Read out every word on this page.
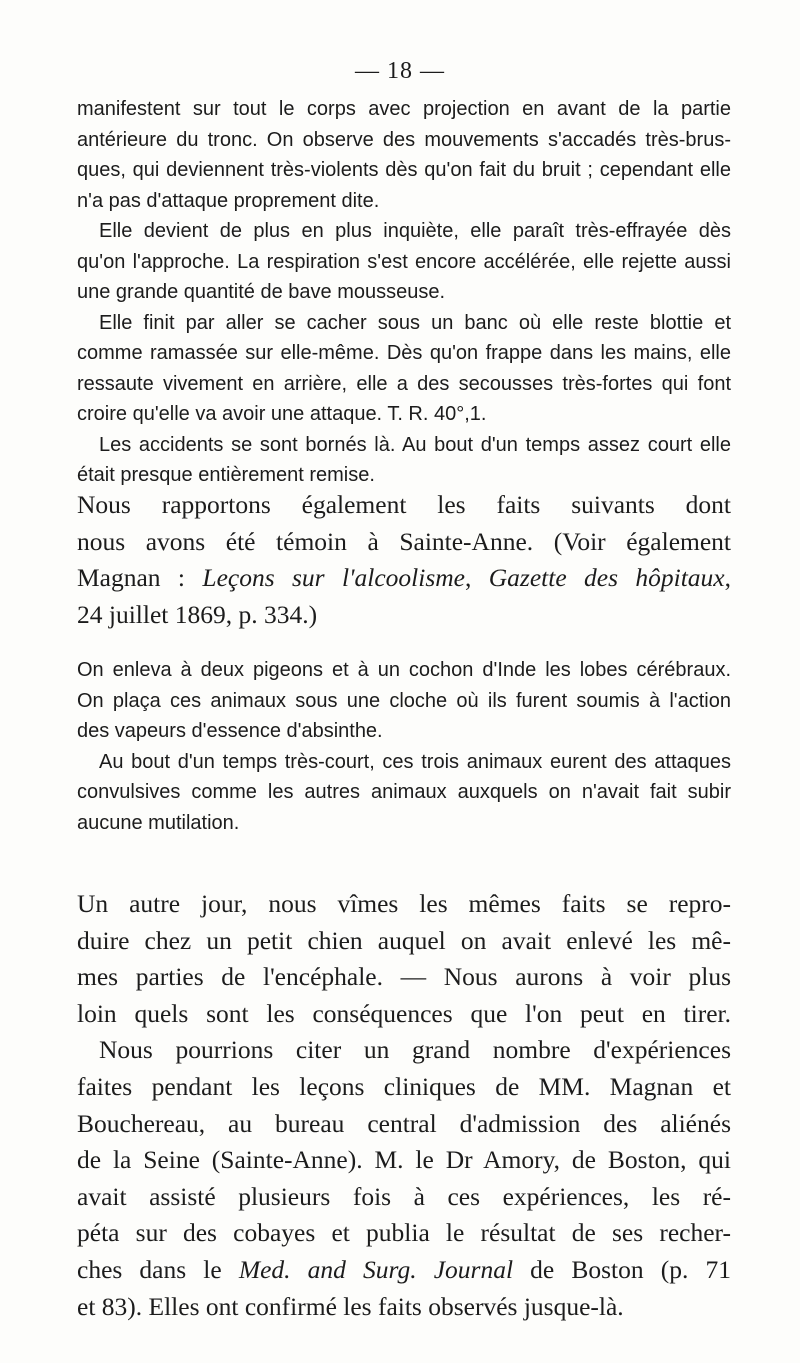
— 18 —
manifestent sur tout le corps avec projection en avant de la partie
antérieure du tronc. On observe des mouvements s'accadés très-brus-
ques, qui deviennent très-violents dès qu'on fait du bruit ; cependant elle
n'a pas d'attaque proprement dite.
Elle devient de plus en plus inquiète, elle paraît très-effrayée dès
qu'on l'approche. La respiration s'est encore accélérée, elle rejette aussi
une grande quantité de bave mousseuse.
Elle finit par aller se cacher sous un banc où elle reste blottie et
comme ramassée sur elle-même. Dès qu'on frappe dans les mains, elle
ressaute vivement en arrière, elle a des secousses très-fortes qui font
croire qu'elle va avoir une attaque. T. R. 40°,1.
Les accidents se sont bornés là. Au bout d'un temps assez court elle
était presque entièrement remise.
Nous rapportons également les faits suivants dont
nous avons été témoin à Sainte-Anne. (Voir également
Magnan : Leçons sur l'alcoolisme, Gazette des hôpitaux,
24 juillet 1869, p. 334.)
On enleva à deux pigeons et à un cochon d'Inde les lobes cérébraux.
On plaça ces animaux sous une cloche où ils furent soumis à l'action
des vapeurs d'essence d'absinthe.
Au bout d'un temps très-court, ces trois animaux eurent des attaques
convulsives comme les autres animaux auxquels on n'avait fait subir
aucune mutilation.
Un autre jour, nous vîmes les mêmes faits se repro-
duire chez un petit chien auquel on avait enlevé les mê-
mes parties de l'encéphale. — Nous aurons à voir plus
loin quels sont les conséquences que l'on peut en tirer.
Nous pourrions citer un grand nombre d'expériences
faites pendant les leçons cliniques de MM. Magnan et
Bouchereau, au bureau central d'admission des aliénés
de la Seine (Sainte-Anne). M. le Dr Amory, de Boston, qui
avait assisté plusieurs fois à ces expériences, les ré-
péta sur des cobayes et publia le résultat de ses recher-
ches dans le Med. and Surg. Journal de Boston (p. 71
et 83). Elles ont confirmé les faits observés jusque-là.
